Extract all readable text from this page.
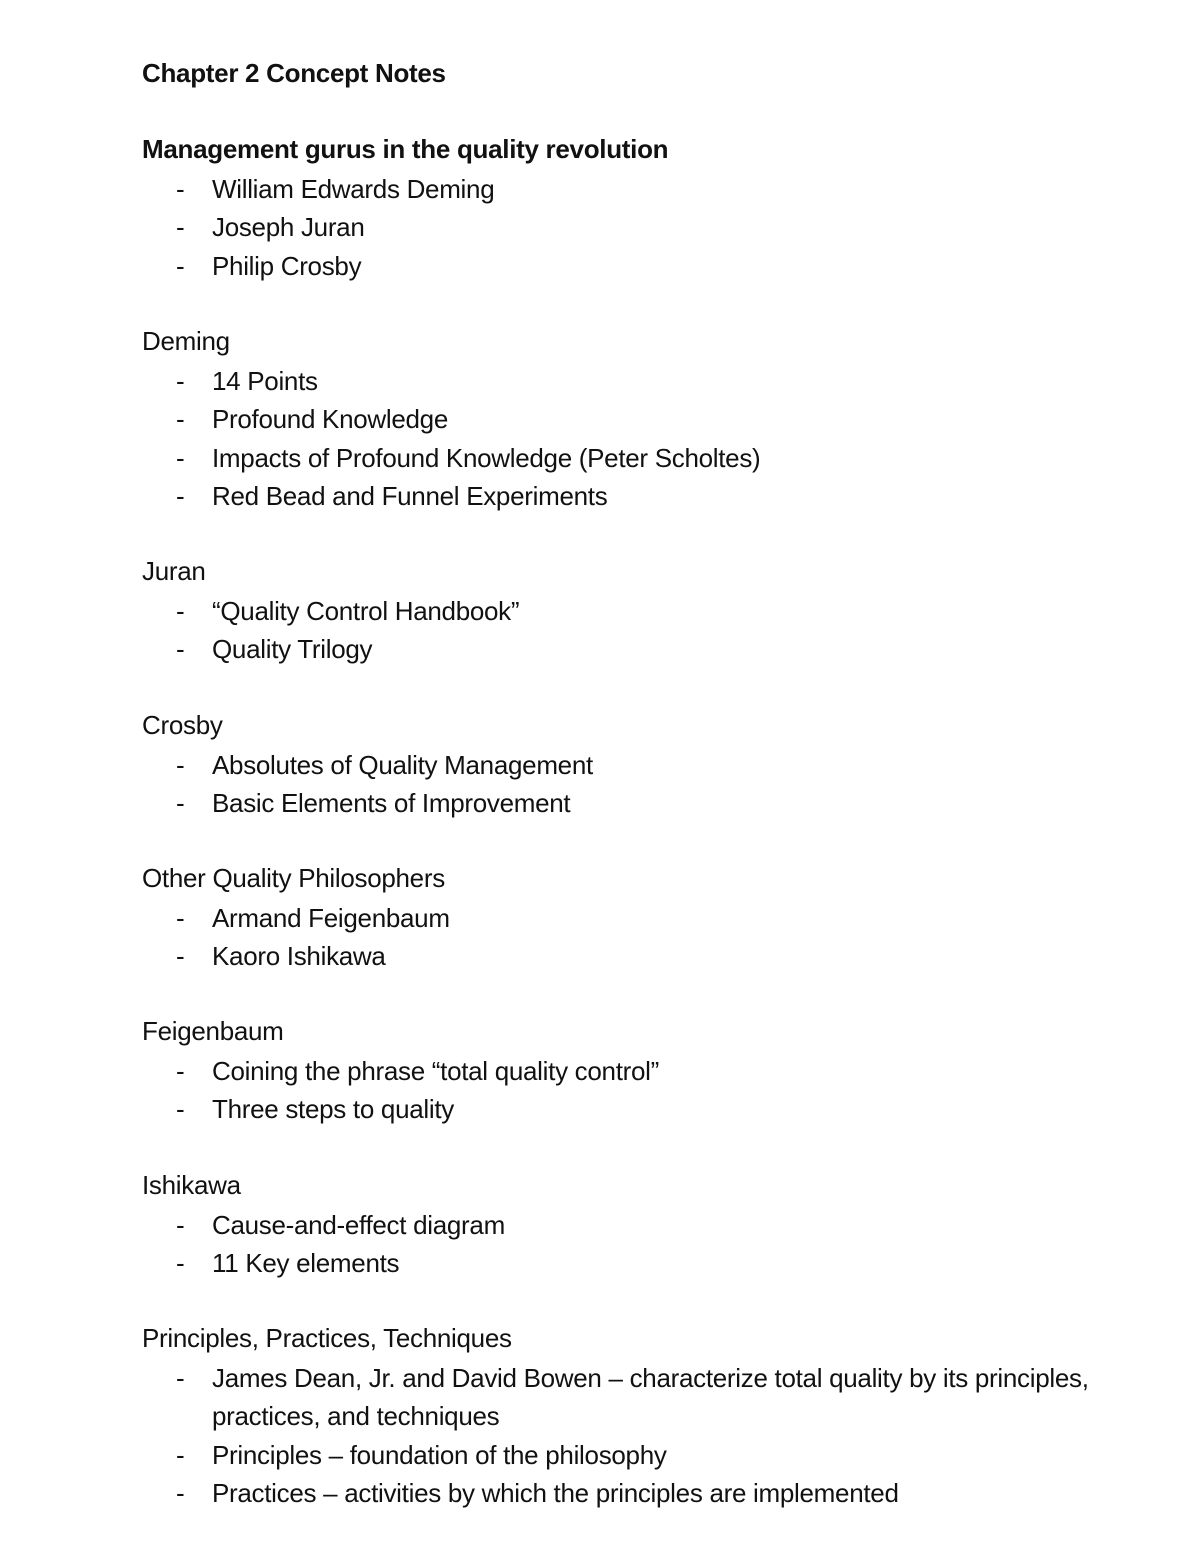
Chapter 2 Concept Notes
Management gurus in the quality revolution
- William Edwards Deming
- Joseph Juran
- Philip Crosby
Deming
- 14 Points
- Profound Knowledge
- Impacts of Profound Knowledge (Peter Scholtes)
- Red Bead and Funnel Experiments
Juran
- “Quality Control Handbook”
- Quality Trilogy
Crosby
- Absolutes of Quality Management
- Basic Elements of Improvement
Other Quality Philosophers
- Armand Feigenbaum
- Kaoro Ishikawa
Feigenbaum
- Coining the phrase “total quality control”
- Three steps to quality
Ishikawa
- Cause-and-effect diagram
- 11 Key elements
Principles, Practices, Techniques
- James Dean, Jr. and David Bowen – characterize total quality by its principles, practices, and techniques
- Principles – foundation of the philosophy
- Practices – activities by which the principles are implemented
